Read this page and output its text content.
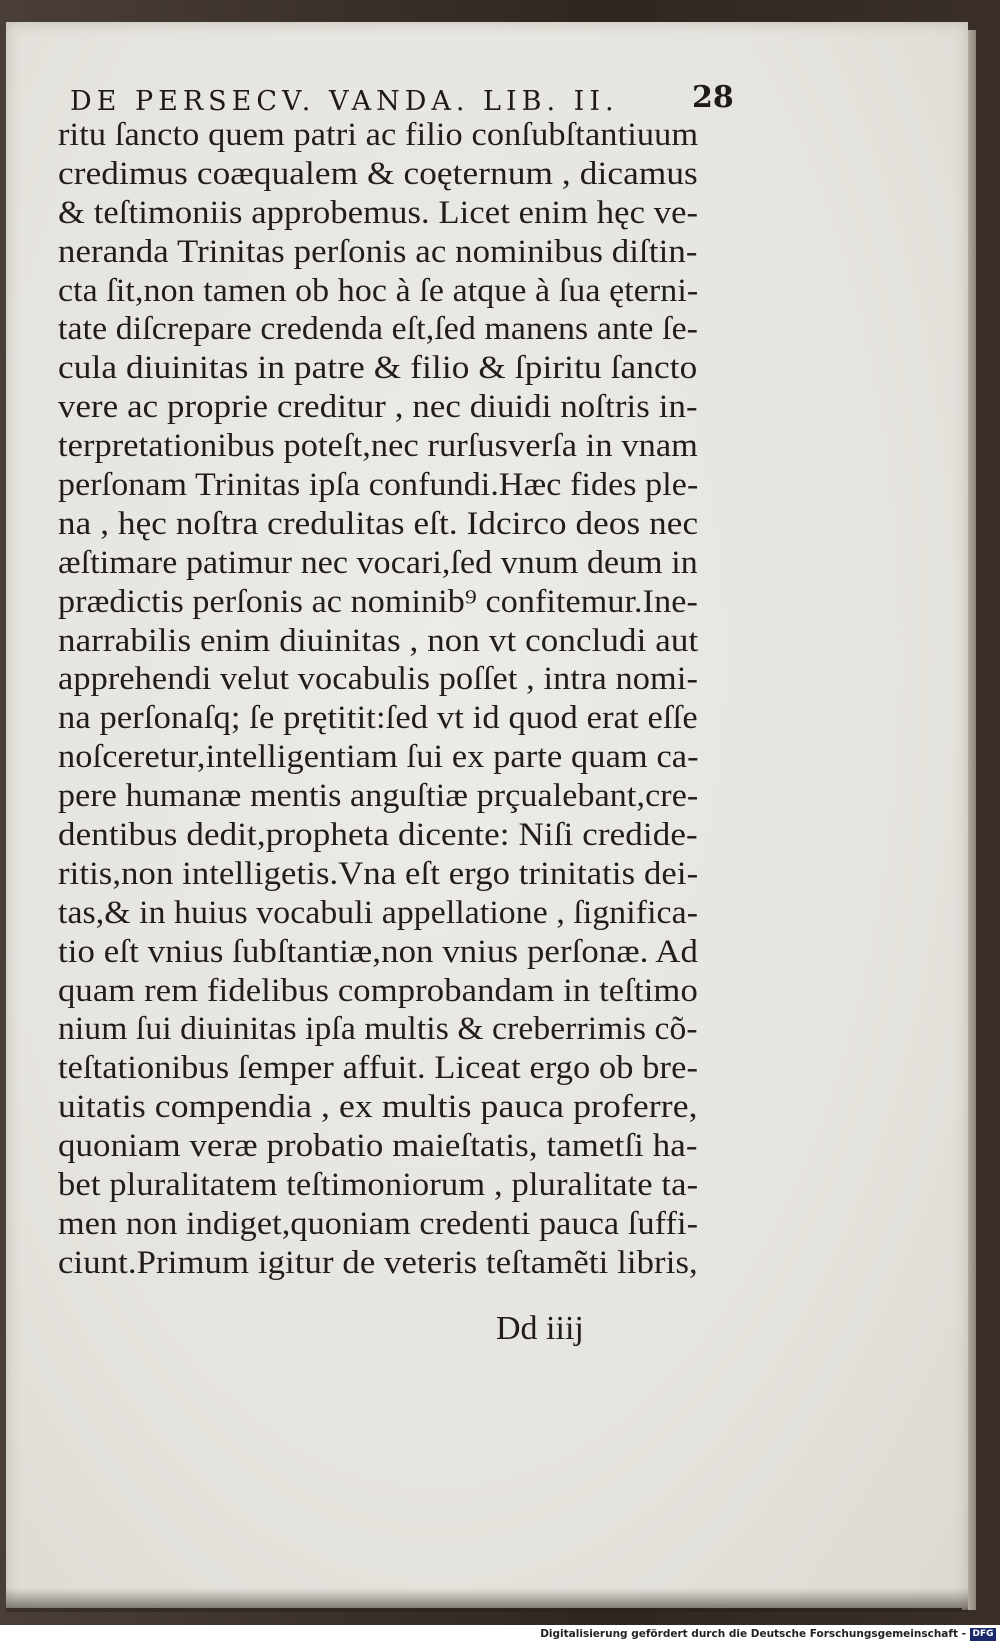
DE PERSECV. VANDA. LIB. II.	28
ritu ſancto quem patri ac filio conſubſtantiuum
credimus coæqualem & coęternum , dicamus
& teſtimoniis approbemus. Licet enim hęc ve-
neranda Trinitas perſonis ac nominibus diſtin-
cta ſit,non tamen ob hoc à ſe atque à ſua ęterni-
tate diſcrepare credenda eſt,ſed manens ante ſe-
cula diuinitas in patre & filio & ſpiritu ſancto
vere ac proprie creditur , nec diuidi noſtris in-
terpretationibus poteſt,nec rurſusverſa in vnam
perſonam Trinitas ipſa confundi.Hæc fides ple-
na , hęc noſtra credulitas eſt. Idcirco deos nec
æſtimare patimur nec vocari,ſed vnum deum in
prædictis perſonis ac nominib⁹ confitemur.Ine-
narrabilis enim diuinitas , non vt concludi aut
apprehendi velut vocabulis poſſet , intra nomi-
na perſonaſq; ſe prętitit:ſed vt id quod erat eſſe
noſceretur,intelligentiam ſui ex parte quam ca-
pere humanæ mentis anguſtiæ prçualebant,cre-
dentibus dedit,propheta dicente: Niſi credide-
ritis,non intelligetis.Vna eſt ergo trinitatis dei-
tas,& in huius vocabuli appellatione , ſignifica-
tio eſt vnius ſubſtantiæ,non vnius perſonæ. Ad
quam rem fidelibus comprobandam in teſtimo
nium ſui diuinitas ipſa multis & creberrimis cõ-
teſtationibus ſemper affuit. Liceat ergo ob bre-
uitatis compendia , ex multis pauca proferre,
quoniam veræ probatio maieſtatis, tametſi ha-
bet pluralitatem teſtimoniorum , pluralitate ta-
men non indiget,quoniam credenti pauca ſuffi-
ciunt.Primum igitur de veteris teſtamẽti libris,
Dd iiij
Digitalisierung gefördert durch die Deutsche Forschungsgemeinschaft - DFG
